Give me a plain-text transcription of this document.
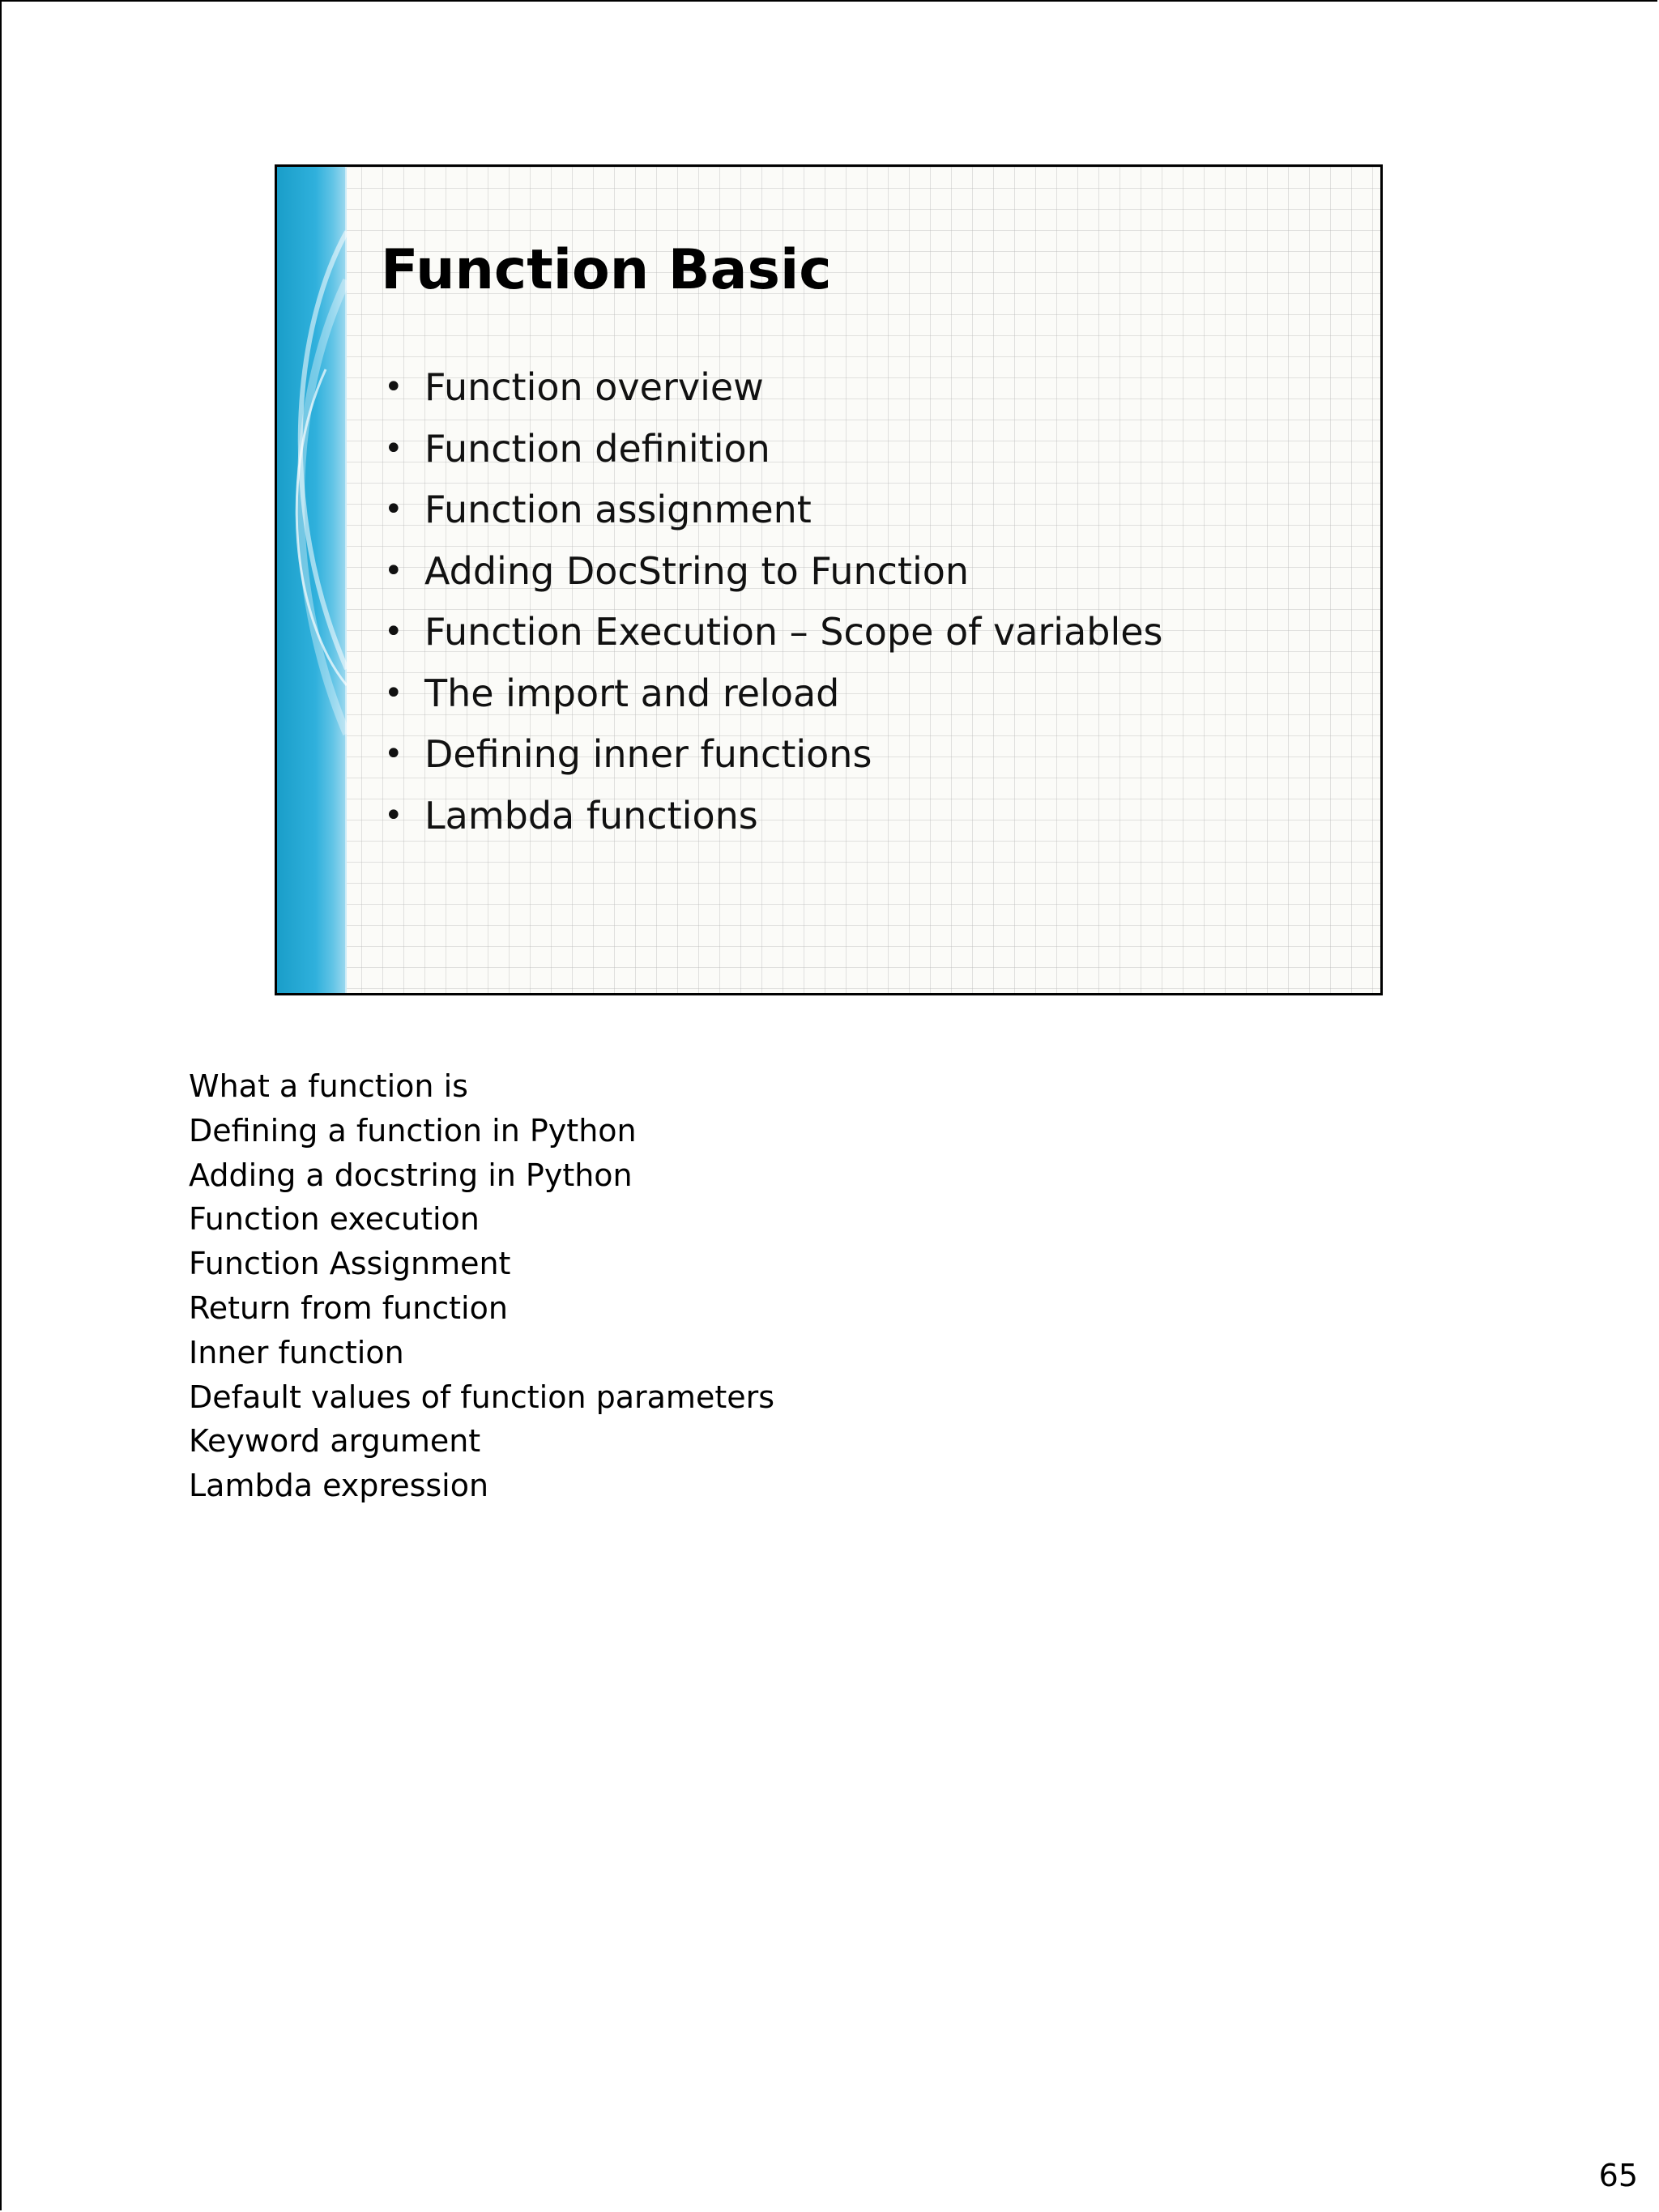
Function Basic
• Function overview
• Function definition
• Function assignment
• Adding DocString to Function
• Function Execution – Scope of variables
• The import and reload
• Defining inner functions
• Lambda functions
What a function is
Defining a function in Python
Adding a docstring in Python
Function execution
Function Assignment
Return from function
Inner function
Default values of function parameters
Keyword argument
Lambda expression
65
